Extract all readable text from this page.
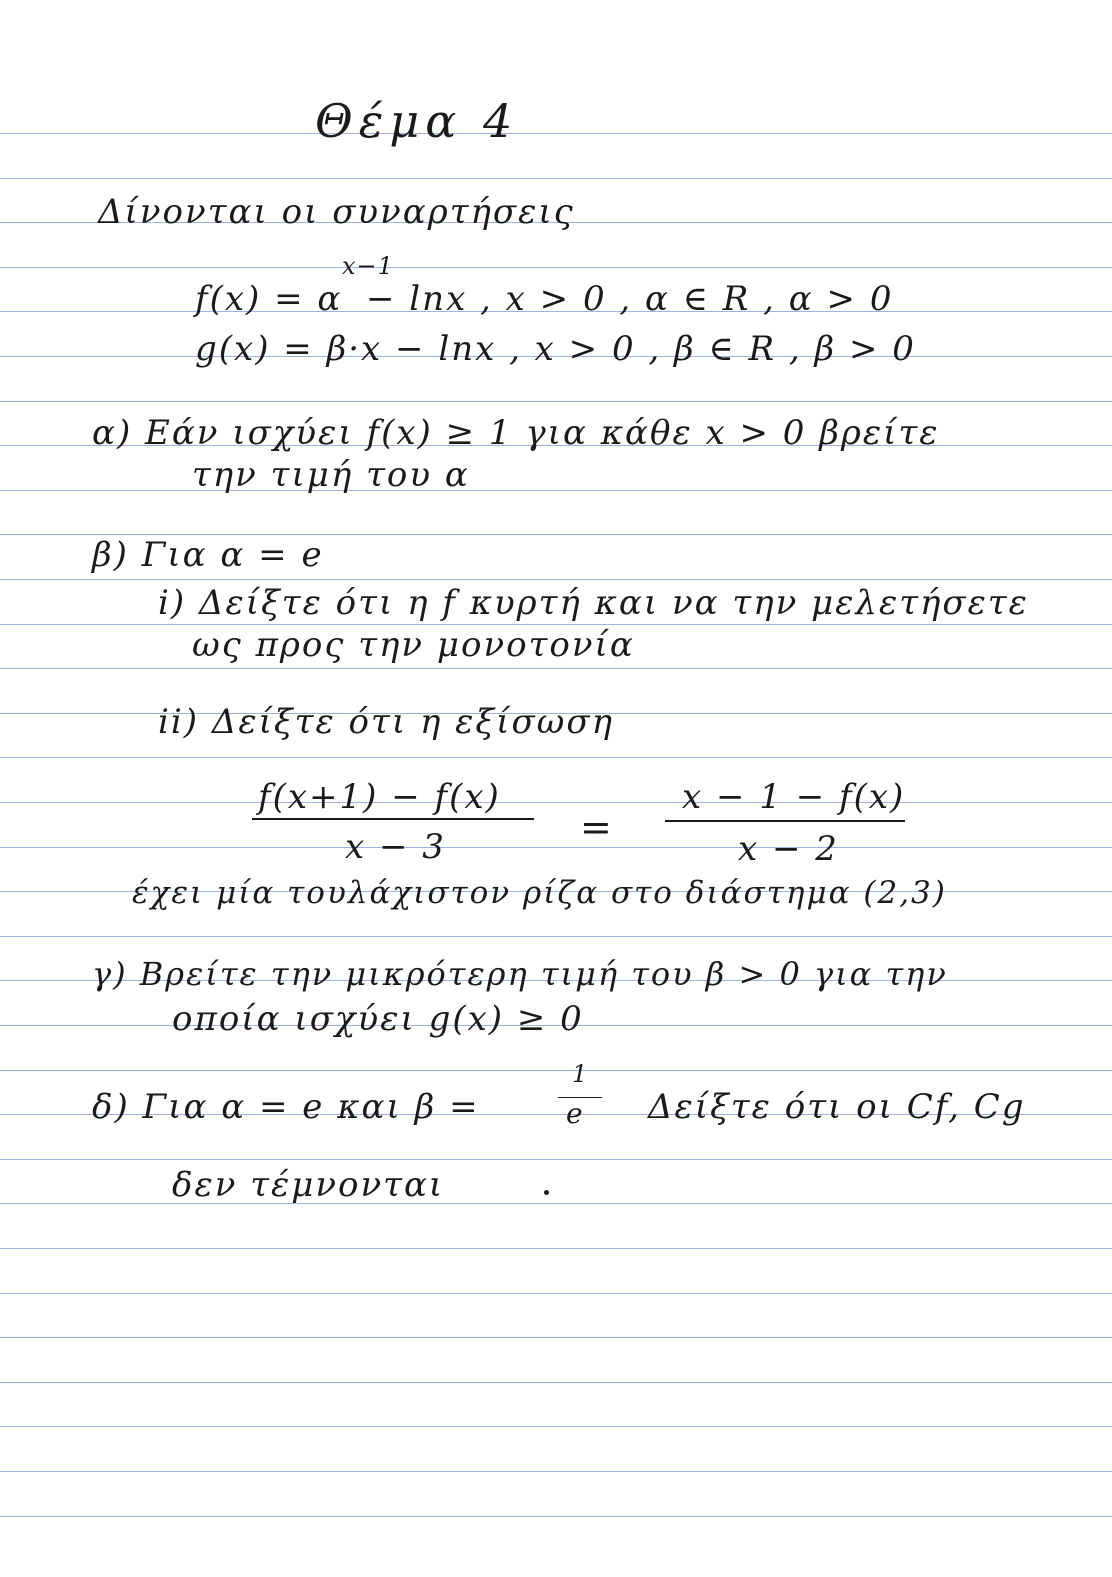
Θέμα 4
Δίνονται οι συναρτήσεις
f(x) = α
x−1
− lnx , x > 0 , α ∈ R , α > 0
g(x) = β·x − lnx , x > 0 , β ∈ R , β > 0
α) Εάν ισχύει f(x) ≥ 1 για κάθε x > 0 βρείτε
την τιμή του α
β) Για α = e
i) Δείξτε ότι η f κυρτή και να την μελετήσετε
ως προς την μονοτονία
ii) Δείξτε ότι η εξίσωση
f(x+1) − f(x)
x − 3	=
x − 1 − f(x)
x − 2
έχει μία τουλάχιστον ρίζα στο διάστημα (2,3)
γ) Βρείτε την μικρότερη τιμή του β > 0 για την
οποία ισχύει g(x) ≥ 0
δ) Για α = e και β =
1
e Δείξτε ότι οι Cf, Cg
δεν τέμνονται
